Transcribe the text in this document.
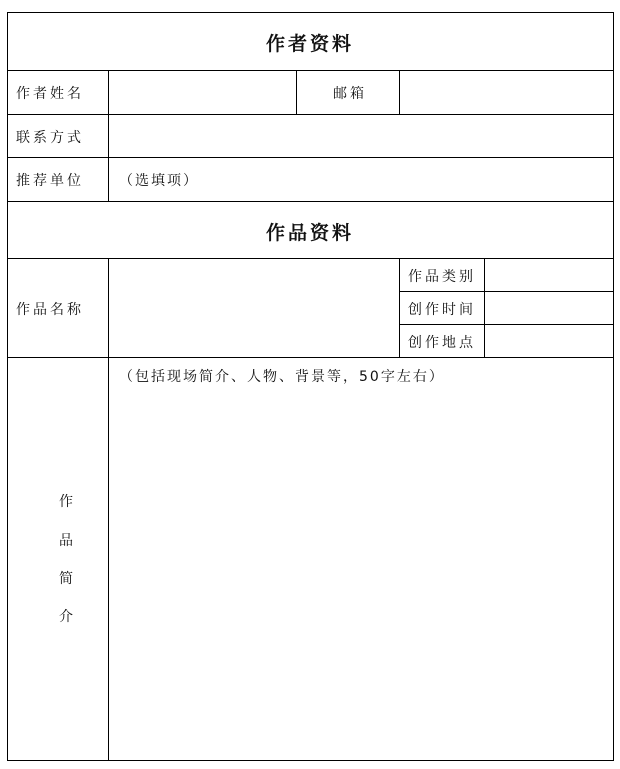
作者资料
作者姓名	邮箱
联系方式
推荐单位	（选填项）
作品资料
作品名称
作品类别
创作时间
创作地点
作
品
简
介
（包括现场简介、人物、背景等，50字左右）
